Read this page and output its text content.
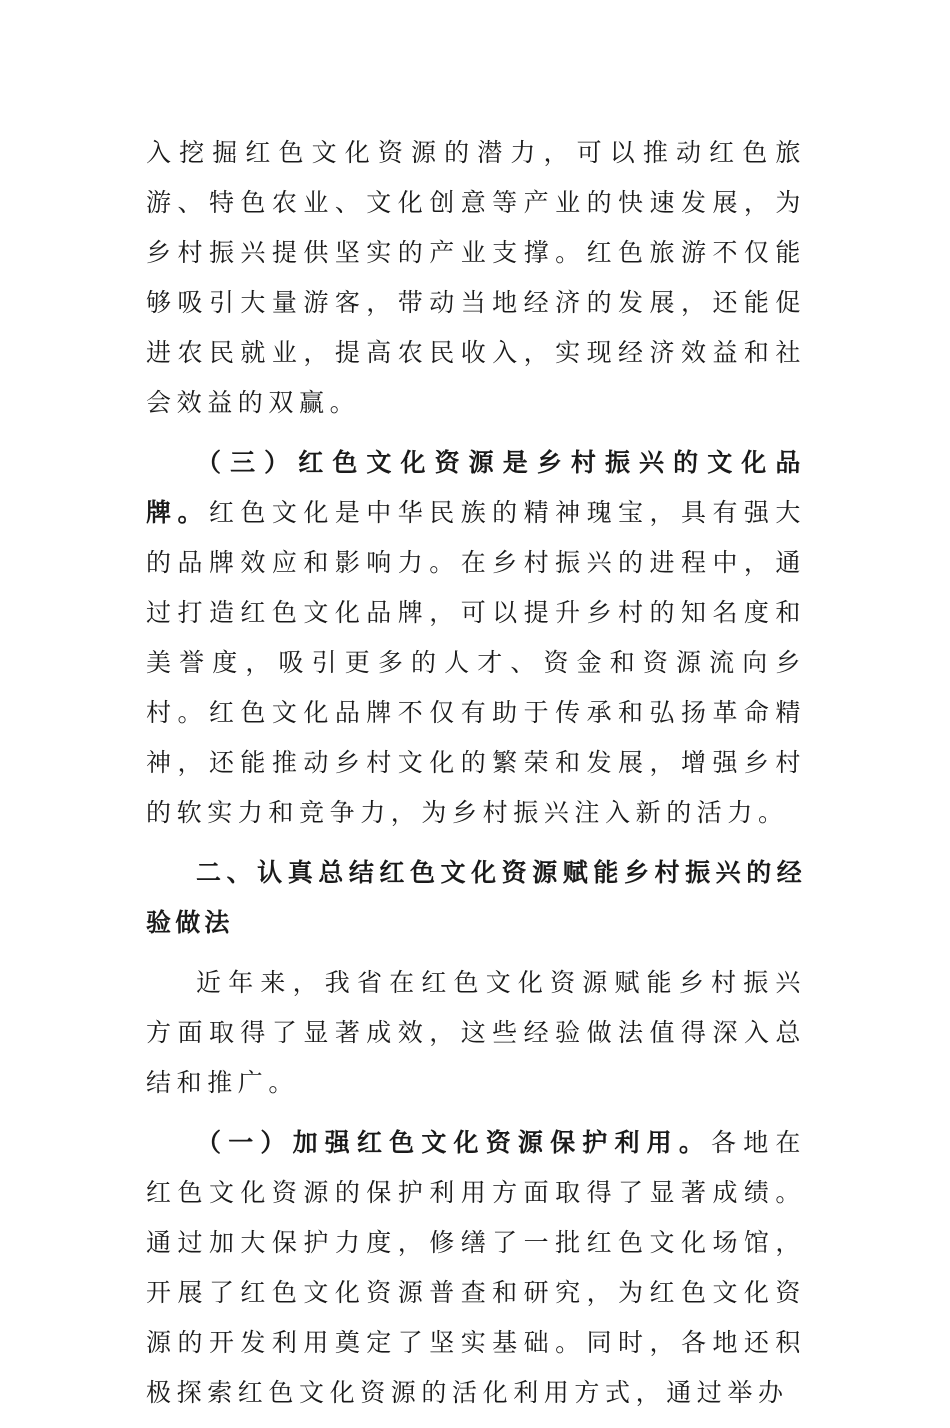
入挖掘红色文化资源的潜力，可以推动红色旅游、特色农业、文化创意等产业的快速发展，为乡村振兴提供坚实的产业支撑。红色旅游不仅能够吸引大量游客，带动当地经济的发展，还能促进农民就业，提高农民收入，实现经济效益和社会效益的双赢。

（三）红色文化资源是乡村振兴的文化品牌。红色文化是中华民族的精神瑰宝，具有强大的品牌效应和影响力。在乡村振兴的进程中，通过打造红色文化品牌，可以提升乡村的知名度和美誉度，吸引更多的人才、资金和资源流向乡村。红色文化品牌不仅有助于传承和弘扬革命精神，还能推动乡村文化的繁荣和发展，增强乡村的软实力和竞争力，为乡村振兴注入新的活力。

二、认真总结红色文化资源赋能乡村振兴的经验做法

近年来，我省在红色文化资源赋能乡村振兴方面取得了显著成效，这些经验做法值得深入总结和推广。

（一）加强红色文化资源保护利用。各地在红色文化资源的保护利用方面取得了显著成绩。通过加大保护力度，修缮了一批红色文化场馆，开展了红色文化资源普查和研究，为红色文化资源的开发利用奠定了坚实基础。同时，各地还积极探索红色文化资源的活化利用方式，通过举办
